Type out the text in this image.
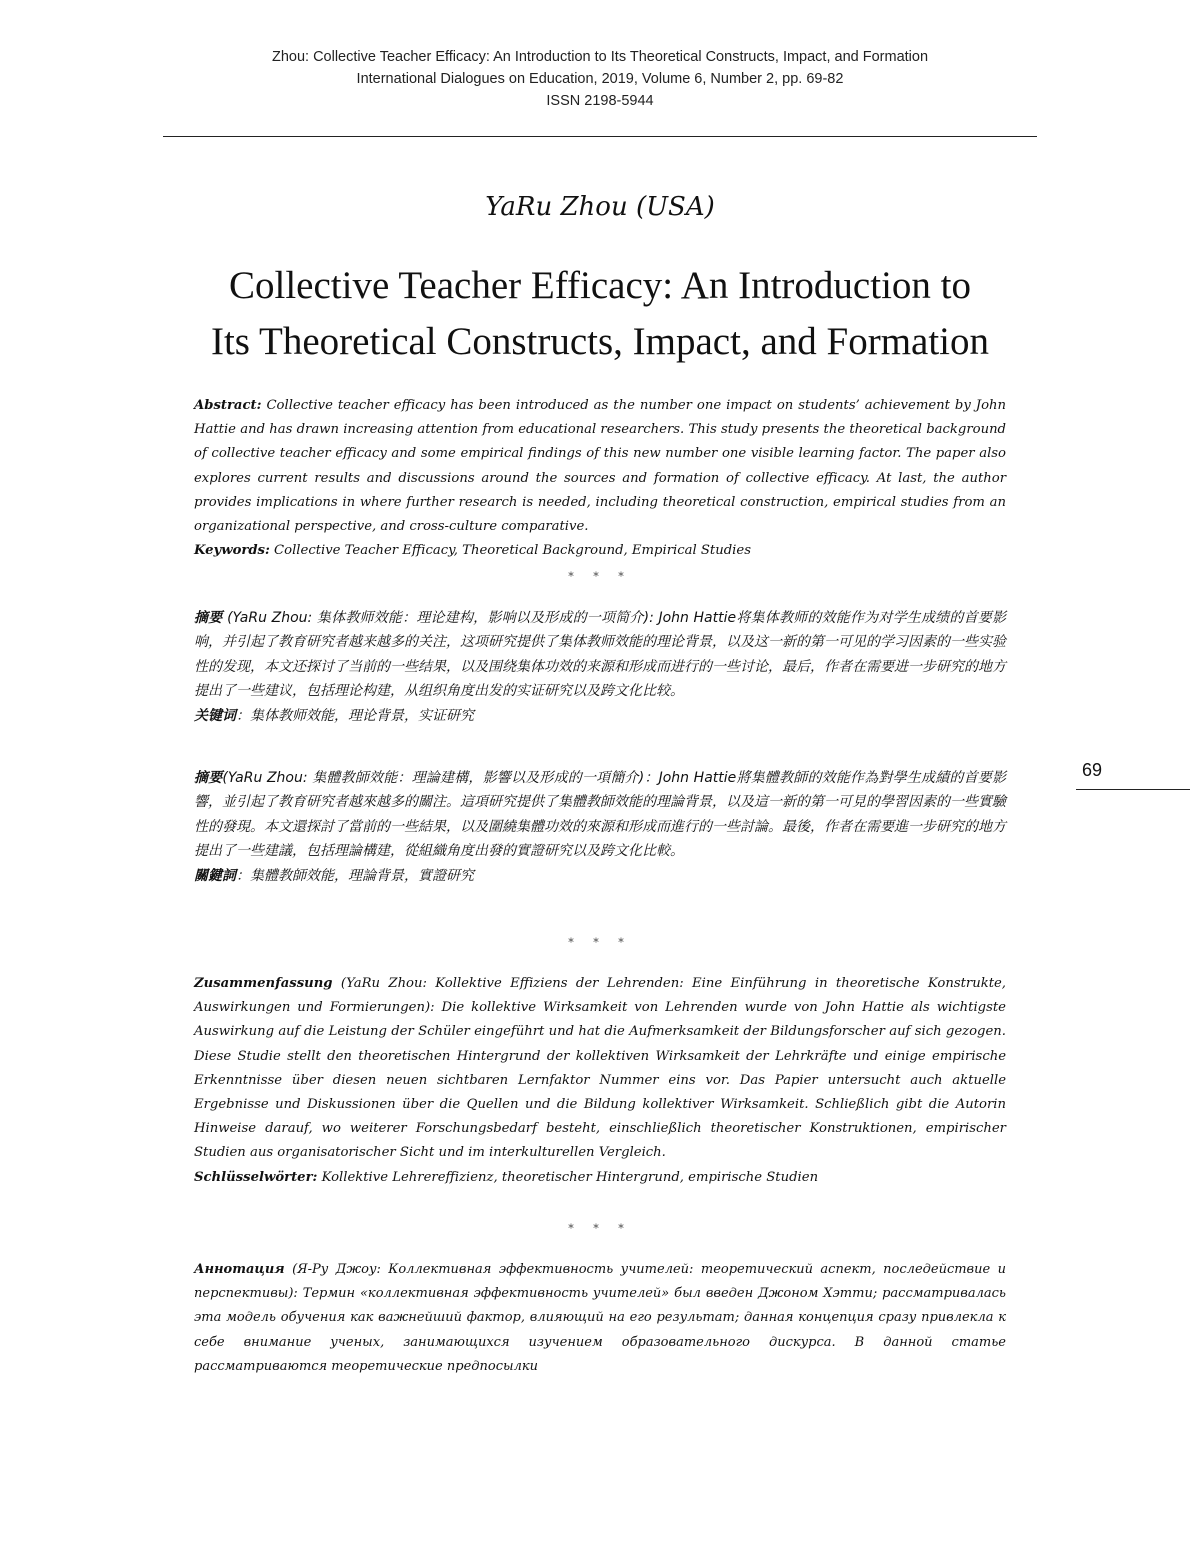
Zhou: Collective Teacher Efficacy: An Introduction to Its Theoretical Constructs, Impact, and Formation
International Dialogues on Education, 2019, Volume 6, Number 2, pp. 69-82
ISSN 2198-5944
YaRu Zhou (USA)
Collective Teacher Efficacy: An Introduction to
Its Theoretical Constructs, Impact, and Formation

Abstract: Collective teacher efficacy has been introduced as the number one impact on students’ achievement by John Hattie and has drawn increasing attention from educational researchers. This study presents the theoretical background of collective teacher efficacy and some empirical findings of this new number one visible learning factor. The paper also explores current results and discussions around the sources and formation of collective efficacy. At last, the author provides implications in where further research is needed, including theoretical construction, empirical studies from an organizational perspective, and cross-culture comparative.

Keywords: Collective Teacher Efficacy, Theoretical Background, Empirical Studies

* * *

摘要 (YaRu Zhou: 集体教师效能：理论建构，影响以及形成的一项简介): John Hattie将集体教师的效能作为对学生成绩的首要影响，并引起了教育研究者越来越多的关注，这项研究提供了集体教师效能的理论背景，以及这一新的第一可见的学习因素的一些实验性的发现，本文还探讨了当前的一些结果，以及围绕集体功效的来源和形成而进行的一些讨论，最后，作者在需要进一步研究的地方提出了一些建议，包括理论构建，从组织角度出发的实证研究以及跨文化比较。

关键词：集体教师效能，理论背景，实证研究

摘要(YaRu Zhou: 集體教師效能：理論建構，影響以及形成的一項簡介)：John Hattie將集體教師的效能作為對學生成績的首要影響，並引起了教育研究者越來越多的關注。這項研究提供了集體教師效能的理論背景，以及這一新的第一可見的學習因素的一些實驗性的發現。本文還探討了當前的一些結果，以及圍繞集體功效的來源和形成而進行的一些討論。最後，作者在需要進一步研究的地方提出了一些建議，包括理論構建，從組織角度出發的實證研究以及跨文化比較。

關鍵詞：集體教師效能，理論背景，實證研究

* * *

Zusammenfassung (YaRu Zhou: Kollektive Effiziens der Lehrenden: Eine Einführung in theoretische Konstrukte, Auswirkungen und Formierungen): Die kollektive Wirksamkeit von Lehrenden wurde von John Hattie als wichtigste Auswirkung auf die Leistung der Schüler eingeführt und hat die Aufmerksamkeit der Bildungsforscher auf sich gezogen. Diese Studie stellt den theoretischen Hintergrund der kollektiven Wirksamkeit der Lehrkräfte und einige empirische Erkenntnisse über diesen neuen sichtbaren Lernfaktor Nummer eins vor. Das Papier untersucht auch aktuelle Ergebnisse und Diskussionen über die Quellen und die Bildung kollektiver Wirksamkeit. Schließlich gibt die Autorin Hinweise darauf, wo weiterer Forschungsbedarf besteht, einschließlich theoretischer Konstruktionen, empirischer Studien aus organisatorischer Sicht und im interkulturellen Vergleich.

Schlüsselwörter: Kollektive Lehrereffizienz, theoretischer Hintergrund, empirische Studien

* * *

Аннотация (Я-Ру Джоу: Коллективная эффективность учителей: теоретический аспект, последействие и перспективы): Термин «коллективная эффективность учителей» был введен Джоном Хэтти; рассматривалась эта модель обучения как важнейший фактор, влияющий на его результат; данная концепция сразу привлекла к себе внимание ученых, занимающихся изучением образовательного дискурса. В данной статье рассматриваются теоретические предпосылки

69
